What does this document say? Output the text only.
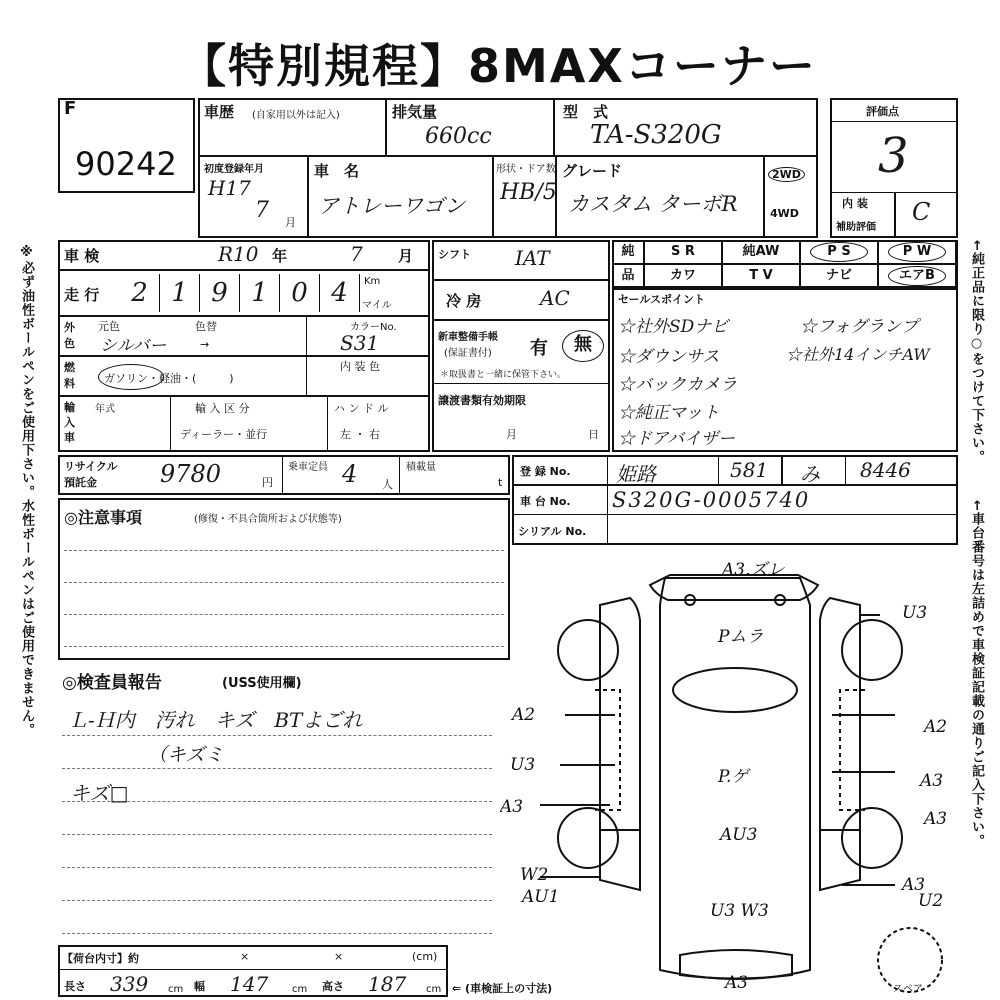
【特別規程】8MAXコーナー
※必ず油性ボールペンをご使用下さい。水性ボールペンはご使用できません。	←純正品に限り○をつけて下さい。
←車台番号は左詰めで車検証記載の通りご記入下さい。
F
90242
車歴 (自家用以外は記入)	排気量
660cc
型　式
TA-S320G
初度登録年月
H17
7 月
車　名
アトレーワゴン
形状・ドア数
HB/5
グレード
カスタム ターボR
2WD
4WD
評価点
3
内 装
補助評価
C
車 検	R10 年	7 月
走 行	2 1 9 1 0 4	Km
マイル
外色
元色	色替
シルバー	→
カラーNo.
S31
燃料	ガソリン・軽油・(　　　)
内 装 色
輸入車
年式	輸 入 区 分
ディーラー・並行
ハ ン ド ル
左 ・ 右
シフト IAT
冷 房	AC
新車整備手帳
(保証書付) 有	無
＊取扱書と一緒に保管下さい。
譲渡書類有効期限
月	日
純	S R	純AW	P S	P W
品	カワ	T V	ナビ	エアB
セールスポイント
☆社外SDナビ	☆フォグランプ
☆ダウンサス	☆社外14インチAW
☆バックカメラ
☆純正マット
☆ドアバイザー
リサイクル
預託金	9780	円
乗車定員 4 人
積載量
t
登 録 No. 姫路	581 み 8446
車 台 No. S320G-0005740
シリアル No.
◎注意事項	(修復・不具合箇所および状態等)
◎検査員報告	(USS使用欄)
Ｌ-Ｈ内　汚れ　キズ　BTよごれ
（キズミ
キズ□
【荷台内寸】約	×	×	(cm)
長さ 339 cm 幅 147 cm 高さ 187 cm ⇐ (車検証上の寸法)
A3.ズレ
Pムラ
U3
A2
A2
U3
A3
A3
A3
P.ゲ
AU3
W2
AU1
A3
U2
U3 W3
A3	スペア
